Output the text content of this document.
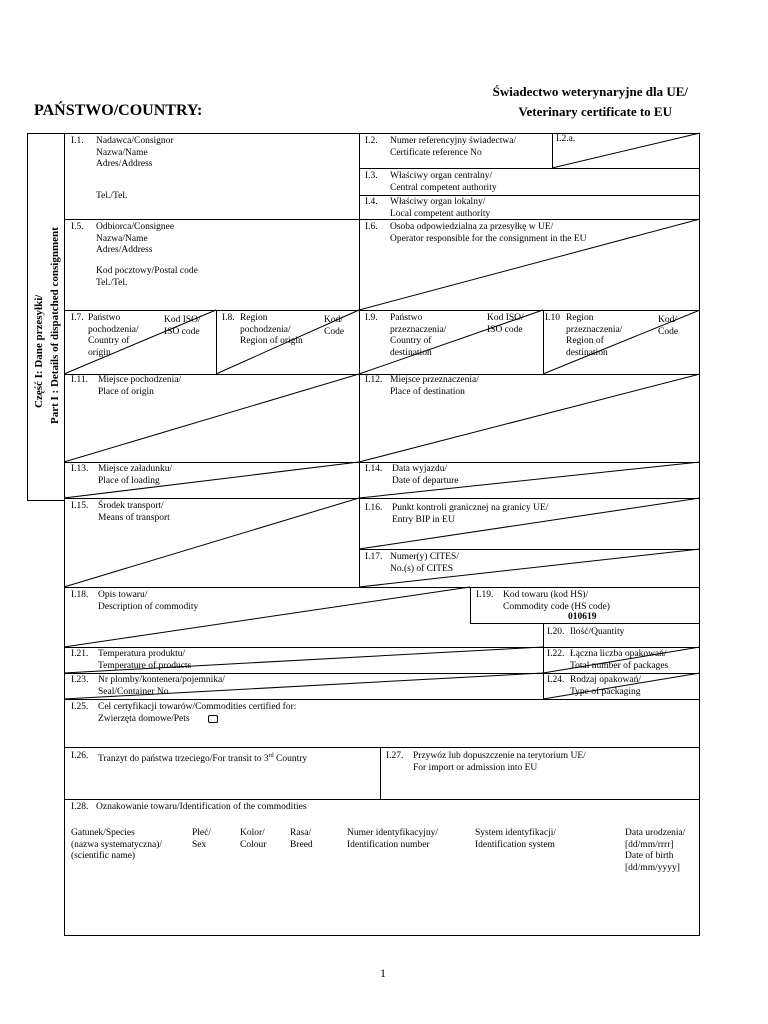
Świadectwo weterynaryjne dla UE/
PAŃSTWO/COUNTRY:	Veterinary certificate to EU
Część I: Dane przesyłki/ Part I : Details of dispatched consignment
I.1. Nadawca/Consignor
Nazwa/Name
Adres/Address
Tel./Tel.
I.2. Numer referencyjny świadectwa/
Certificate reference No
I.2.a.
I.3. Właściwy organ centralny/
Central competent authority
I.4. Właściwy organ lokalny/
Local competent authority
I.5. Odbiorca/Consignee
Nazwa/Name
Adres/Address
Kod pocztowy/Postal code
Tel./Tel.
I.6. Osoba odpowiedzialna za przesyłkę w UE/
Operator responsible for the consignment in the EU
I.7. Państwo
pochodzenia/
Country of
origin
Kod ISO/
ISO code
I.8. Region
pochodzenia/
Region of origin
Kod/
Code
I.9. Państwo
przeznaczenia/
Country of
destination
Kod ISO/
ISO code
I.10 Region
przeznaczenia/
Region of
destination
Kod/
Code
I.11. Miejsce pochodzenia/
Place of origin
I.12. Miejsce przeznaczenia/
Place of destination
I.13. Miejsce załadunku/
Place of loading
I.14. Data wyjazdu/
Date of departure
I.15. Środek transport/
Means of transport
I.16. Punkt kontroli granicznej na granicy UE/
Entry BIP in EU
I.17. Numer(y) CITES/
No.(s) of CITES
I.18. Opis towaru/
Description of commodity
I.19. Kod towaru (kod HS)/
Commodity code (HS code)
010619
I.20. Ilość/Quantity
I.21. Temperatura produktu/
Temperature of products
I.22. Łączna liczba opakowań/
Total number of packages
I.23. Nr plomby/kontenera/pojemnika/
Seal/Container No
I.24. Rodzaj opakowań/
Type of packaging
I.25. Cel certyfikacji towarów/Commodities certified for:
Zwierzęta domowe/Pets
I.26. Tranzyt do państwa trzeciego/For transit to 3rd Country	I.27. Przywóz lub dopuszczenie na terytorium UE/
For import or admission into EU
I.28. Oznakowanie towaru/Identification of the commodities
Gatunek/Species
(nazwa systematyczna)/
(scientific name)
Płeć/
Sex
Kolor/
Colour
Rasa/
Breed
Numer identyfikacyjny/
Identification number
System identyfikacji/
Identification system
Data urodzenia/
[dd/mm/rrrr]
Date of birth
[dd/mm/yyyy]
1
